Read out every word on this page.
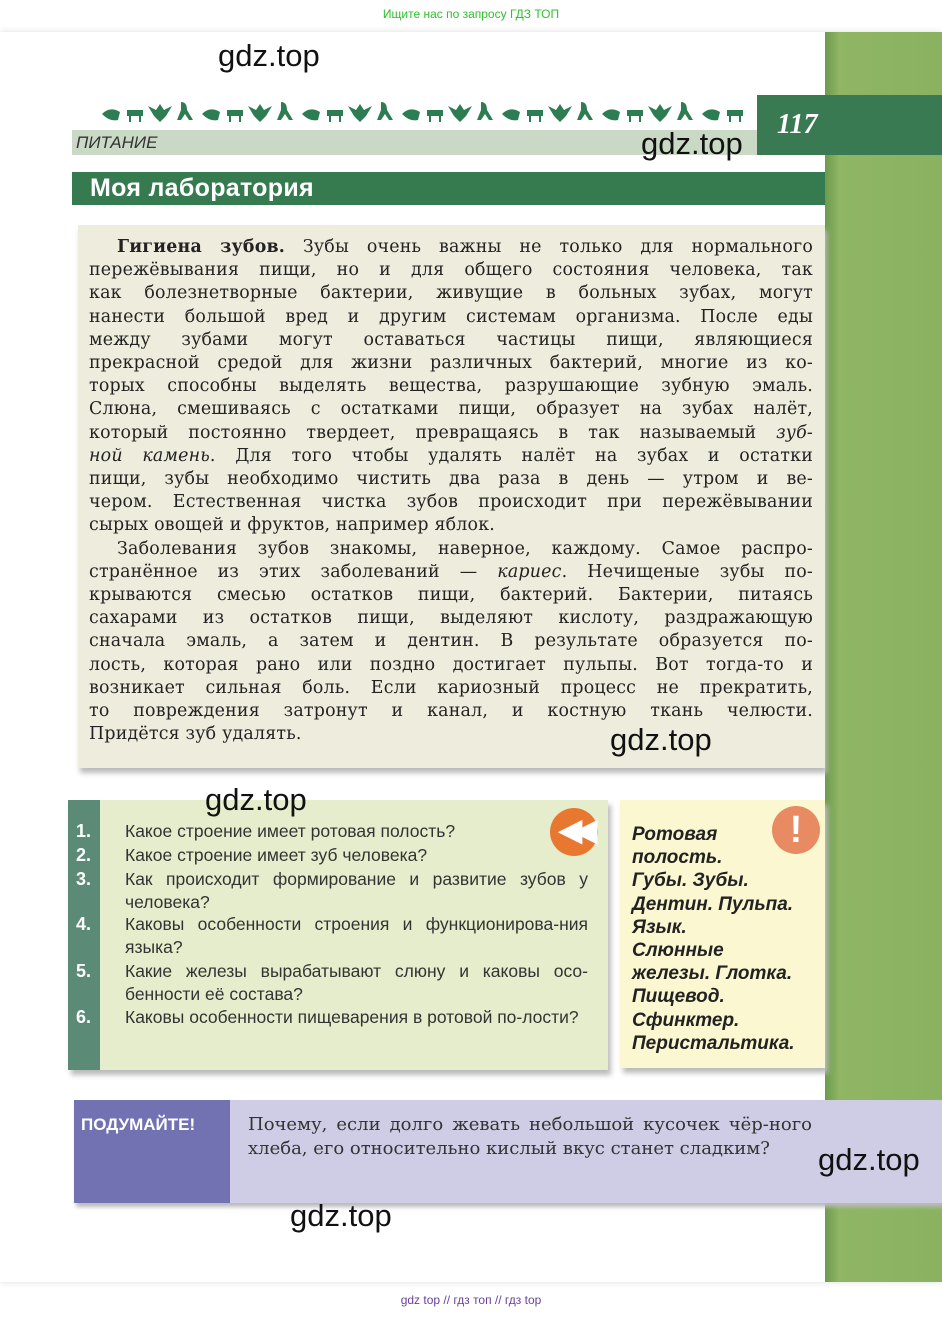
Ищите нас по запросу ГДЗ ТОП
gdz.top
ПИТАНИЕ	gdz.top
117
Моя лаборатория
Гигиена зубов. Зубы очень важны не только для нормального
пережёвывания пищи, но и для общего состояния человека, так
как болезнетворные бактерии, живущие в больных зубах, могут
нанести большой вред и другим системам организма. После еды
между зубами могут оставаться частицы пищи, являющиеся
прекрасной средой для жизни различных бактерий, многие из ко-
торых способны выделять вещества, разрушающие зубную эмаль.
Слюна, смешиваясь с остатками пищи, образует на зубах налёт,
который постоянно твердеет, превращаясь в так называемый зуб-
ной камень. Для того чтобы удалять налёт на зубах и остатки
пищи, зубы необходимо чистить два раза в день — утром и ве-
чером. Естественная чистка зубов происходит при пережёвывании
сырых овощей и фруктов, например яблок.
Заболевания зубов знакомы, наверное, каждому. Самое распро-
странённое из этих заболеваний — кариес. Нечищеные зубы по-
крываются смесью остатков пищи, бактерий. Бактерии, питаясь
сахарами из остатков пищи, выделяют кислоту, раздражающую
сначала эмаль, а затем и дентин. В результате образуется по-
лость, которая рано или поздно достигает пульпы. Вот тогда-то и
возникает сильная боль. Если кариозный процесс не прекратить,
то повреждения затронут и канал, и костную ткань челюсти.
Придётся зуб удалять.	gdz.top
◀◀
1. Какое строение имеет ротовая полость?
2. Какое строение имеет зуб человека?
3. Как происходит формирование и развитие зубов у человека?
4. Каковы особенности строения и функционирова-ния языка?
5. Какие железы вырабатывают слюну и каковы осо-бенности её состава?
6. Каковы особенности пищеварения в ротовой по-лости?
gdz.top
!
Ротовая
полость.
Губы. Зубы.
Дентин. Пульпа.
Язык.
Слюнные
железы. Глотка.
Пищевод.
Сфинктер.
Перистальтика.
ПОДУМАЙТЕ!	Почему, если долго жевать небольшой кусочек чёр-ного хлеба, его относительно кислый вкус станет сладким?	gdz.top
gdz.top
gdz top // гдз топ // гдз top
